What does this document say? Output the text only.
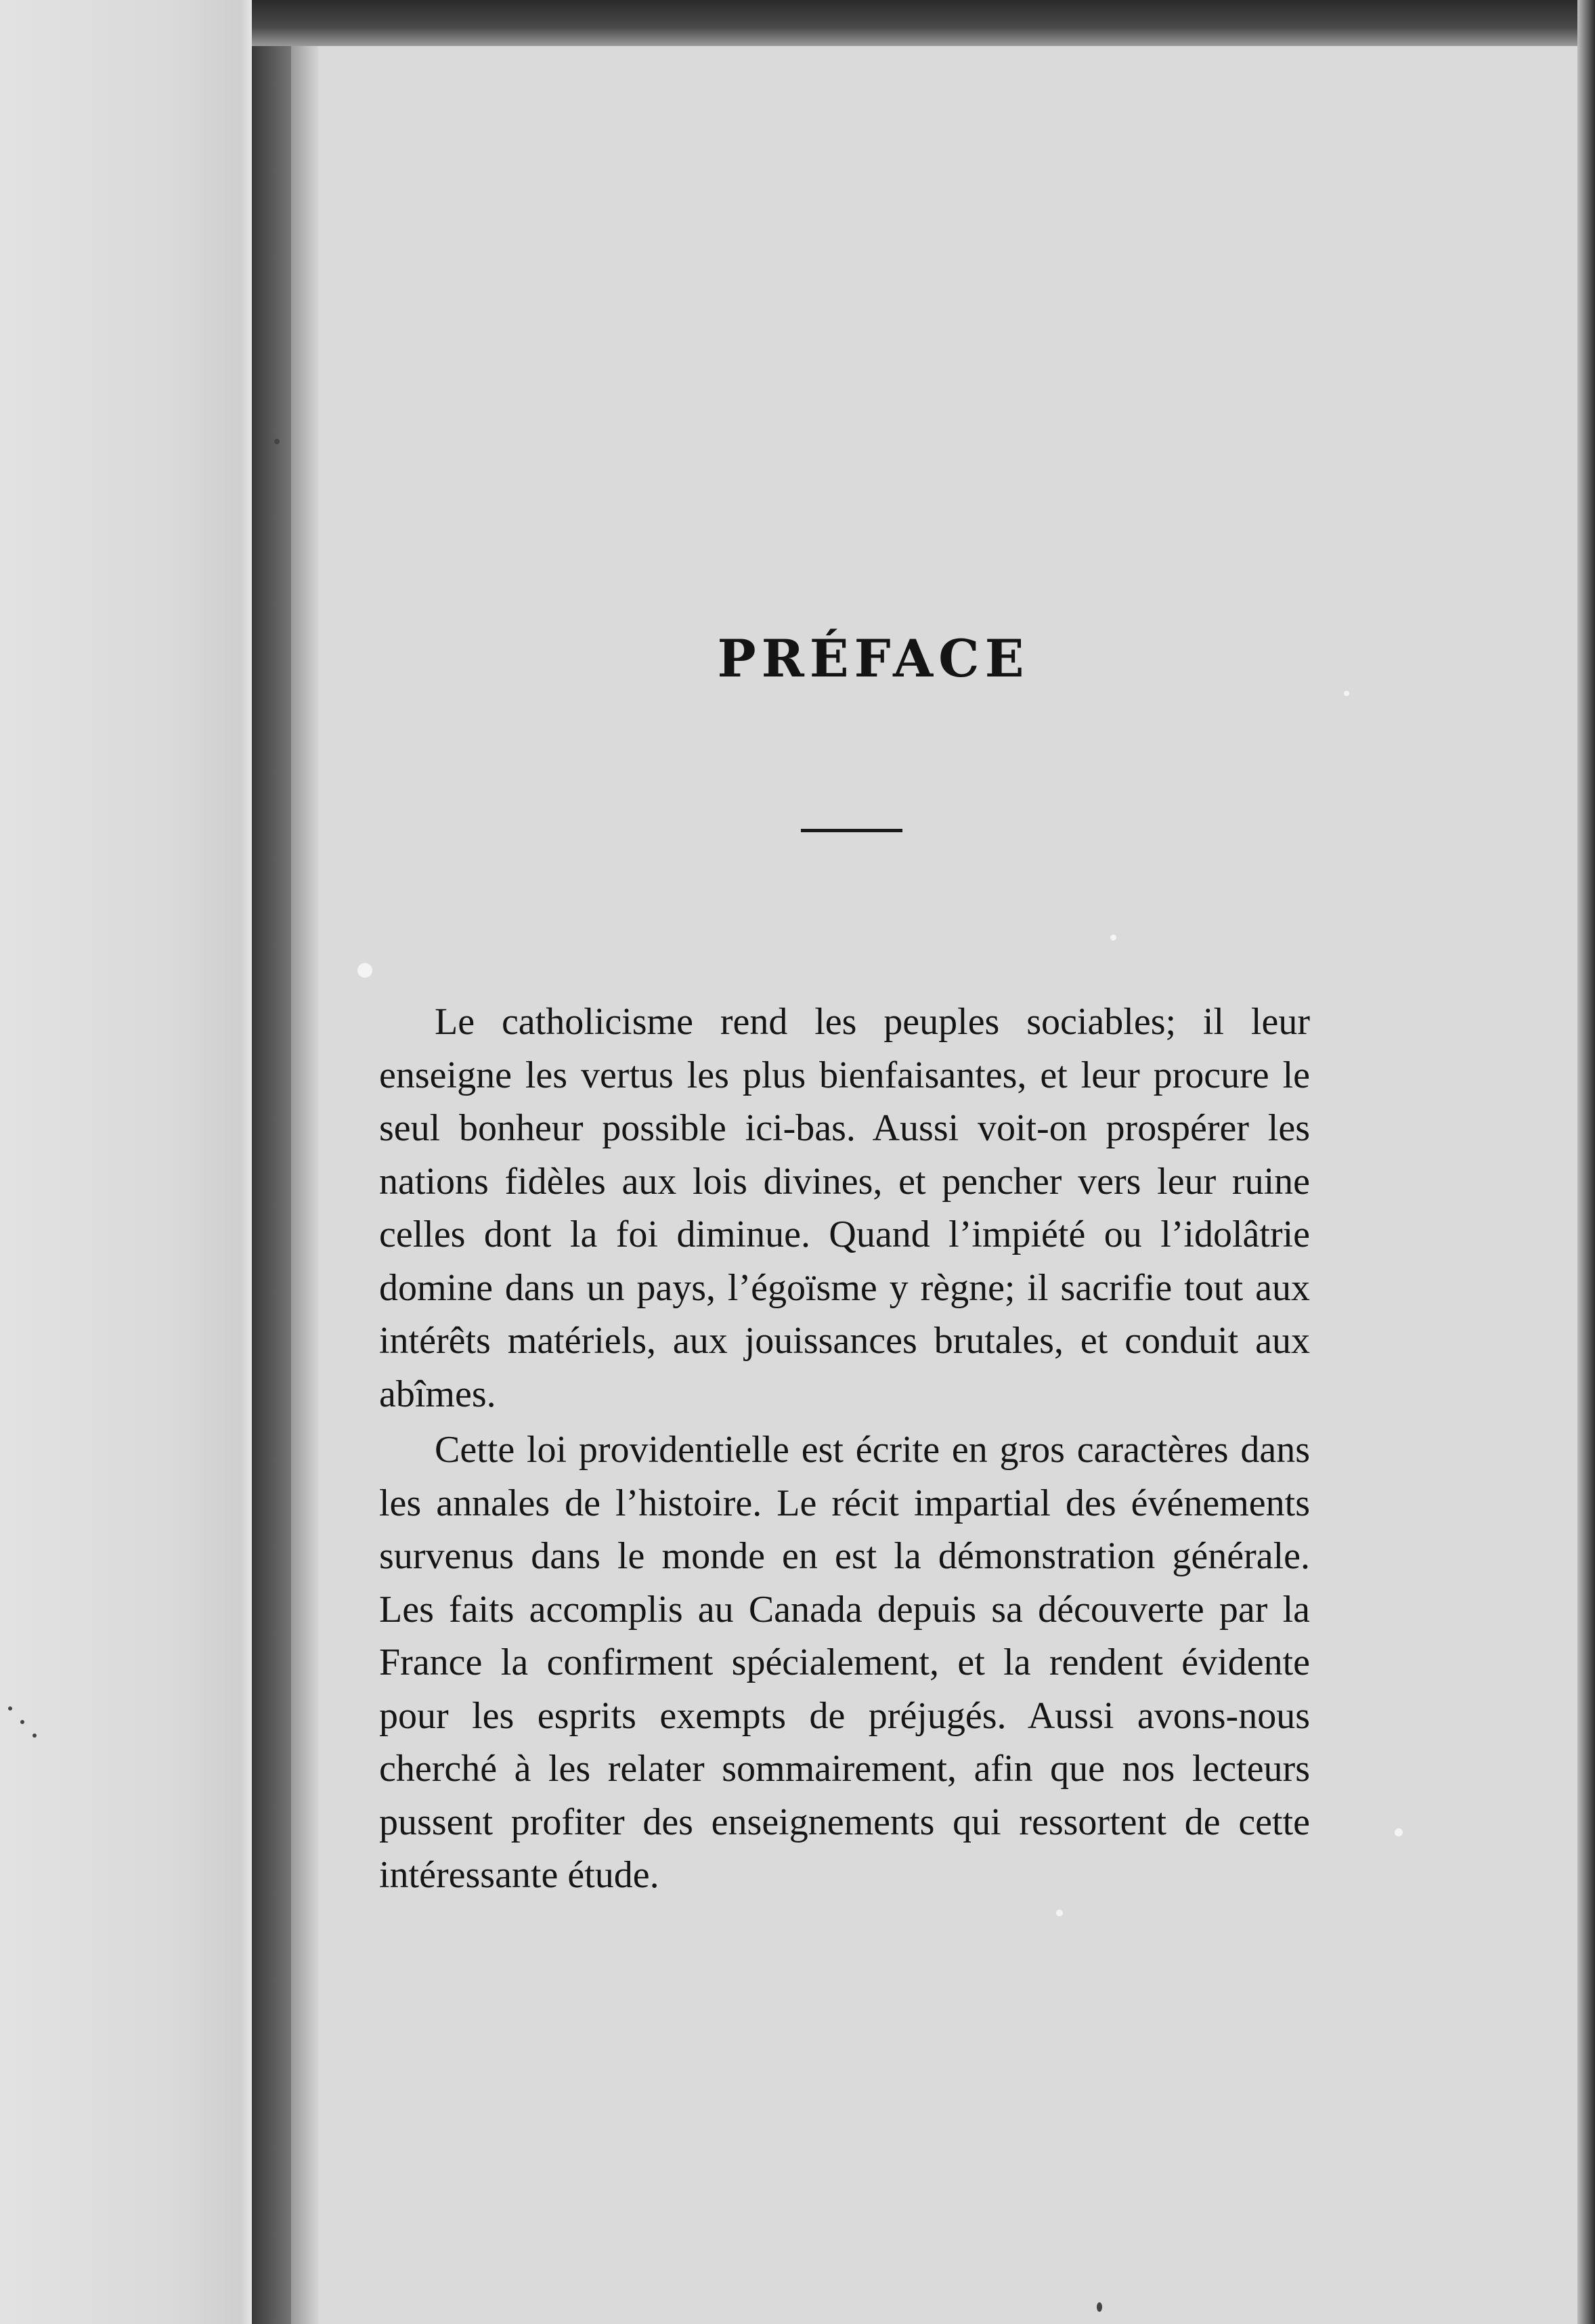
PRÉFACE

Le catholicisme rend les peuples sociables; il leur enseigne les vertus les plus bienfaisantes, et leur procure le seul bonheur possible ici-bas. Aussi voit-on prospérer les nations fidèles aux lois divines, et pencher vers leur ruine celles dont la foi diminue. Quand l’impiété ou l’idolâtrie domine dans un pays, l’égoïsme y règne; il sacrifie tout aux intérêts matériels, aux jouissances brutales, et conduit aux abîmes.

Cette loi providentielle est écrite en gros caractères dans les annales de l’histoire. Le récit impartial des événements survenus dans le monde en est la démonstration générale. Les faits accomplis au Canada depuis sa découverte par la France la confirment spécialement, et la rendent évidente pour les esprits exempts de préjugés. Aussi avons-nous cherché à les relater sommairement, afin que nos lecteurs pussent profiter des enseignements qui ressortent de cette intéressante étude.
